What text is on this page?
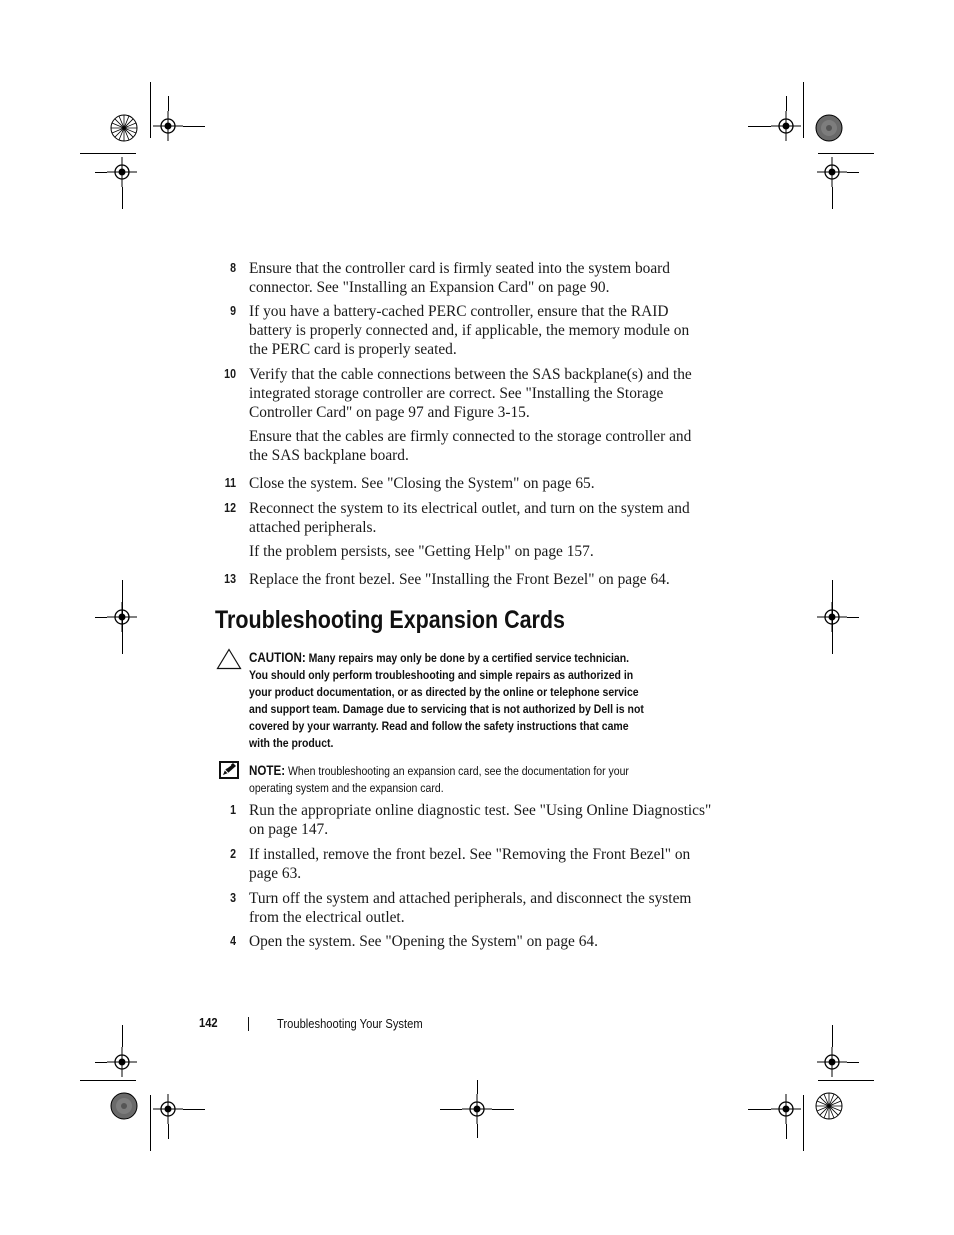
8 Ensure that the controller card is firmly seated into the system board
connector. See "Installing an Expansion Card" on page 90.
9 If you have a battery-cached PERC controller, ensure that the RAID
battery is properly connected and, if applicable, the memory module on
the PERC card is properly seated.
10 Verify that the cable connections between the SAS backplane(s) and the
integrated storage controller are correct. See "Installing the Storage
Controller Card" on page 97 and Figure 3-15.
Ensure that the cables are firmly connected to the storage controller and
the SAS backplane board.
11 Close the system. See "Closing the System" on page 65.
12 Reconnect the system to its electrical outlet, and turn on the system and
attached peripherals.
If the problem persists, see "Getting Help" on page 157.
13 Replace the front bezel. See "Installing the Front Bezel" on page 64.
Troubleshooting Expansion Cards
CAUTION: Many repairs may only be done by a certified service technician.
You should only perform troubleshooting and simple repairs as authorized in
your product documentation, or as directed by the online or telephone service
and support team. Damage due to servicing that is not authorized by Dell is not
covered by your warranty. Read and follow the safety instructions that came
with the product.
NOTE: When troubleshooting an expansion card, see the documentation for your
operating system and the expansion card.
1 Run the appropriate online diagnostic test. See "Using Online Diagnostics"
on page 147.
2 If installed, remove the front bezel. See "Removing the Front Bezel" on
page 63.
3 Turn off the system and attached peripherals, and disconnect the system
from the electrical outlet.
4 Open the system. See "Opening the System" on page 64.
142	Troubleshooting Your System
